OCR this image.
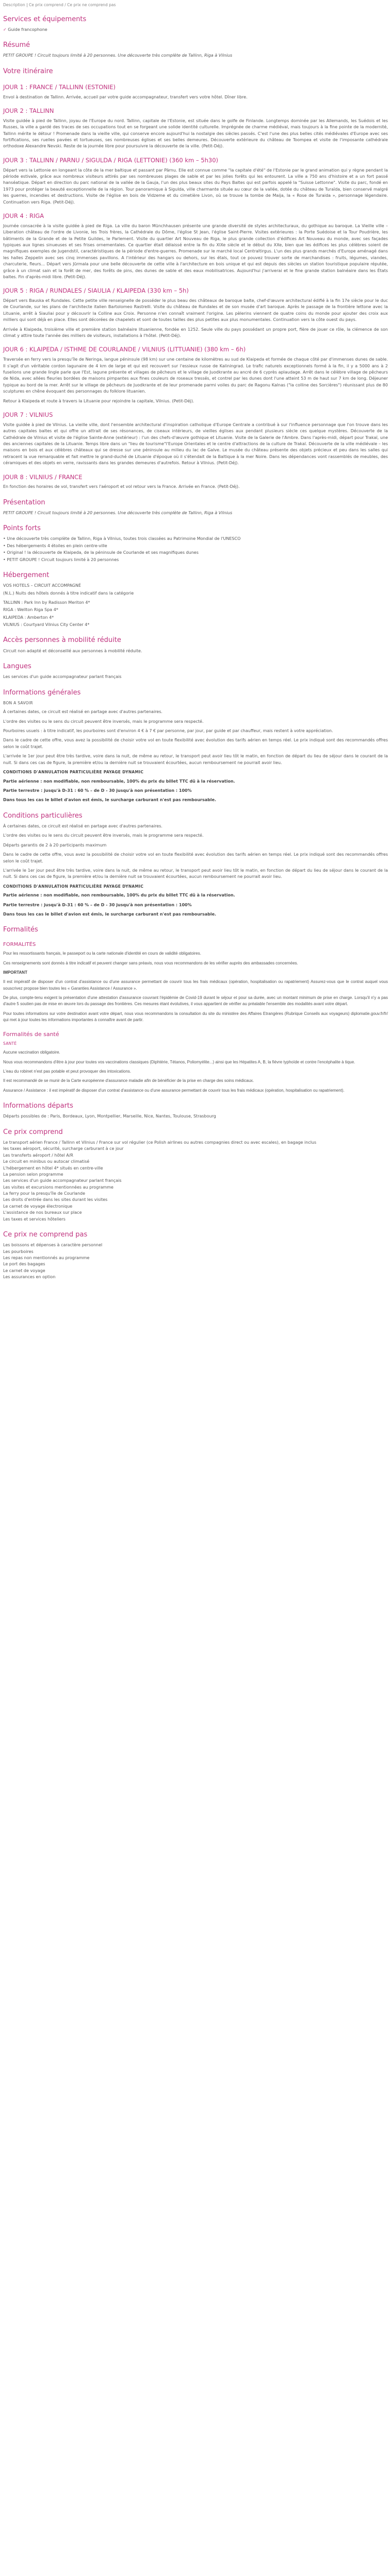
Description | Ce prix comprend / Ce prix ne comprend pas
Services et équipements
✓ Guide francophone
Résumé

PETIT GROUPE ! Circuit toujours limité à 20 personnes. Une découverte très complète de Tallinn, Riga à Vilnius

Votre itinéraire
JOUR 1 : FRANCE / TALLINN (ESTONIE)

Envol à destination de Tallinn. Arrivée, accueil par votre guide accompagnateur, transfert vers votre hôtel. Dîner libre.

JOUR 2 : TALLINN

Visite guidée à pied de Tallinn, joyau de l'Europe du nord. Tallinn, capitale de l'Estonie, est située dans le golfe de Finlande. Longtemps dominée par les Allemands, les Suédois et les Russes, la ville a gardé des traces de ses occupations tout en se forgeant une solide identité culturelle. Imprégnée de charme médiéval, mais toujours à la fine pointe de la modernité, Tallinn mérite le détour ! Promenade dans la vieille ville, qui conserve encore aujourd'hui la nostalgie des siècles passés. C'est l'une des plus belles cités médiévales d'Europe avec ses fortifications, ses ruelles pavées et tortueuses, ses nombreuses églises et ses belles demeures. Découverte extérieure du château de Toompea et visite de l'imposante cathédrale orthodoxe Alexandre Nevski. Reste de la journée libre pour poursuivre la découverte de la ville. (Petit-Déj).

JOUR 3 : TALLINN / PARNU / SIGULDA / RIGA (LETTONIE) (360 km – 5h30)

Départ vers la Lettonie en longeant la côte de la mer baltique et passant par Pärnu. Elle est connue comme "la capitale d'été" de l'Estonie par le grand animation qui y règne pendant la période estivale, grâce aux nombreux visiteurs attirés par ses nombreuses plages de sable et par les jolies forêts qui les entourent. La ville a 750 ans d'histoire et a un fort passé hanséatique. Départ en direction du parc national de la vallée de la Gauja, l'un des plus beaux sites du Pays Baltes qui est parfois appelé la "Suisse Lettonne". Visite du parc, fondé en 1973 pour protéger la beauté exceptionnelle de la région. Tour panoramique à Sigulda, ville charmante située au cœur de la vallée, dotée du château de Turaïda, bien conservé malgré les guerres, incendies et destructions. Visite de l'église en bois de Vidzeme et du cimetière Livon, où se trouve la tombe de Maija, la « Rose de Turaida », personnage légendaire. Continuation vers Riga. (Petit-Déj).

JOUR 4 : RIGA

Journée consacrée à la visite guidée à pied de Riga. La ville du baron Münchhausen présente une grande diversité de styles architecturaux, du gothique au baroque. La Vieille ville – Liberation château de l'ordre de Livonie, les Trois frères, la Cathédrale du Dôme, l'église St Jean, l'église Saint-Pierre. Visites extérieures : la Porte Suédoise et la Tour Poudrière, les bâtiments de la Grande et de la Petite Guildes, le Parlement. Visite du quartier Art Nouveau de Riga, le plus grande collection d'édifices Art Nouveau du monde, avec ses façades typiques aux lignes sinueuses et ses frises ornementales. Ce quartier était délaissé entre la fin du XIXe siècle et le début du XXe, bien que les édifices les plus célèbres soient de magnifiques exemples de Jugendstil, caractéristiques de la période d'entre-guerres. Promenade sur le marché local Centraltirgus. L'un des plus grands marchés d'Europe aménagé dans les halles Zeppelin avec ses cinq immenses pavillons. A l'intérieur des hangars ou dehors, sur les étals, tout ce pouvez trouver sorte de marchandises : fruits, légumes, viandes, charcuterie, fleurs... Départ vers Jūrmala pour une belle découverte de cette ville à l'architecture en bois unique et qui est depuis des siècles un station touristique populaire réputée, grâce à un climat sain et la forêt de mer, des forêts de pins, des dunes de sable et des eaux mobilisatrices. Aujourd'hui j'arriverai et le fine grande station balnéaire dans les États baltes. Fin d'après-midi libre. (Petit-Déj).

JOUR 5 : RIGA / RUNDALES / SIAULIA / KLAIPEDA (330 km – 5h)

Départ vers Bauska et Rundales. Cette petite ville renseignelle de posséder le plus beau des châteaux de baroque balte, chef-d'œuvre architectural édifié à la fin 17e siècle pour le duc de Courlande, sur les plans de l'architecte italien Bartolomeo Rastrelli. Visite du château de Rundales et de son musée d'art baroque. Après le passage de la frontière lettone avec la Lituanie, arrêt à Siauliai pour y découvrir la Colline aux Croix. Personne n'en connaît vraiment l'origine. Les pèlerins viennent de quatre coins du monde pour ajouter des croix aux milliers qui sont déjà en place. Elles sont décorées de chapelets et sont de toutes tailles des plus petites aux plus monumentales. Continuation vers la côte ouest du pays.

Arrivée à Klaipeda, troisième ville et première station balnéaire lituanienne, fondée en 1252. Seule ville du pays possédant un propre port, fière de jouer ce rôle, la clémence de son climat y attire toute l'année des milliers de visiteurs, installations à l'hôtel. (Petit-Déj).

JOUR 6 : KLAIPEDA / ISTHME DE COURLANDE / VILNIUS (LITTUANIE) (380 km – 6h)

Traversée en ferry vers la presqu'île de Neringa, langue péninsule (98 km) sur une centaine de kilomètres au sud de Klaipeda et formée de chaque côté par d'immenses dunes de sable. Il s'agit d'un véritable cordon lagunaire de 4 km de large et qui est recouvert sur l'essieux russe de Kaliningrad. Le trafic naturels exceptionnels formé à la fin, il y a 5000 ans à 2 fuselions une grande lingle parle que l'Est, lagune présente et villages de pêcheurs et le village de Juodkrante au ancré de 6 cyprès aplaudage. Arrêt dans le célèbre village de pêcheurs de Nida, avec allées fleuries bordées de maisons pimpantes aux fines couleurs de roseaux tressés, et contrel par les dunes dont l'une atteint 53 m de haut sur 7 km de long. Déjeuner typique au bord de la mer. Arrêt sur le village de pêcheurs de Juodkrante et de leur promenade parmi voiles du parc de Ragonu Kalnas ("la colline des Sorcières") réunissant plus de 80 sculptures en chêne évoquant des personnages du folklore lituanien.

Retour à Klaipeda et route à travers la Lituanie pour rejoindre la capitale, Vilnius. (Petit-Déj).

JOUR 7 : VILNIUS

Visite guidée à pied de Vilnius. La vieille ville, dont l'ensemble architectural d'inspiration catholique d'Europe Centrale a contribué à sur l'influence personnage que l'on trouve dans les autres capitales baltes et qui offre un attrait de ses résonances, de ciseaux intérieurs, de vieilles églises aux pendant plusieurs siècle ces quelque mystères. Découverte de la Cathédrale de Vilnius et visite de l'église Sainte-Anne (extérieur) : l'un des chefs-d'œuvre gothique et Lituanie. Visite de la Galerie de l'Ambre. Dans l'après-midi, départ pour Trakaï, une des anciennes capitales de la Lituanie. Temps libre dans un "lieu de tourisme"l'Europe Orientales et le centre d'attractions de la culture de Trakaï. Découverte de la ville médiévale – les maisons en bois et aux célèbres châteaux qui se dresse sur une péninsule au milieu du lac de Galve. Le musée du château présente des objets précieux et peu dans les salles qui retracent la vue remarquable et fait mettre le grand-duché de Lituanie d'époque où il s'étendait de la Baltique à la mer Noire. Dans les dépendances vont rassemblés de meubles, des céramiques et des objets en verre, ravissants dans les grandes demeures d'autrefois. Retour à Vilnius. (Petit-Déj).

JOUR 8 : VILNIUS / FRANCE

En fonction des horaires de vol, transfert vers l'aéroport et vol retour vers la France. Arrivée en France. (Petit-Déj).

Présentation

PETIT GROUPE ! Circuit toujours limité à 20 personnes. Une découverte très complète de Tallinn, Riga à Vilnius

Points forts
• Une découverte très complète de Tallinn, Riga à Vilnius, toutes trois classées au Patrimoine Mondial de l'UNESCO
• Des hébergements 4 étoiles en plein centre-ville
• Original ! la découverte de Klaipeda, de la péninsule de Courlande et ses magnifiques dunes
• PETIT GROUPE ! Circuit toujours limité à 20 personnes
Hébergement

VOS HOTELS – CIRCUIT ACCOMPAGNÉ

(N.L.) Nuits des hôtels donnés à titre indicatif dans la catégorie

TALLINN : Park Inn by Radisson Meriton 4*

RIGA : Wellton Riga Spa 4*

KLAIPEDA : Amberton 4*

VILNIUS : Courtyard Vilnius City Center 4*

Accès personnes à mobilité réduite

Circuit non adapté et déconseillé aux personnes à mobilité réduite.

Langues

Les services d'un guide accompagnateur parlant français

Informations générales

BON A SAVOIR

À certaines dates, ce circuit est réalisé en partage avec d'autres partenaires.

L'ordre des visites ou le sens du circuit peuvent être inversés, mais le programme sera respecté.

Pourboires usuels : à titre indicatif, les pourboires sont d'environ 4 € à 7 € par personne, par jour, par guide et par chauffeur, mais restent à votre appréciation.

Dans le cadre de cette offre, vous avez la possibilité de choisir votre vol en toute flexibilité avec évolution des tarifs aérien en temps réel. Le prix indiqué sont des recommandés offres selon le coût trajet.

L'arrivée le 1er jour peut être très tardive, voire dans la nuit, de même au retour, le transport peut avoir lieu tôt le matin, en fonction de départ du lieu de séjour dans le courant de la nuit. Si dans ces cas de figure, la première et/ou la dernière nuit se trouvaient écourtées, aucun remboursement ne pourrait avoir lieu.

CONDITIONS D'ANNULATION PARTICULIÈRE PAYAGE DYNAMIC

Partie aérienne : non modifiable, non remboursable, 100% du prix du billet TTC dû à la réservation.

Partie terrestre : jusqu'à D-31 : 60 % – de D - 30 jusqu'à non présentation : 100%

Dans tous les cas le billet d'avion est émis, le surcharge carburant n'est pas remboursable.

Conditions particulières

À certaines dates, ce circuit est réalisé en partage avec d'autres partenaires.

L'ordre des visites ou le sens du circuit peuvent être inversés, mais le programme sera respecté.

Départs garantis de 2 à 20 participants maximum

Dans le cadre de cette offre, vous avez la possibilité de choisir votre vol en toute flexibilité avec évolution des tarifs aérien en temps réel. Le prix indiqué sont des recommandés offres selon le coût trajet.

L'arrivée le 1er jour peut être très tardive, voire dans la nuit, de même au retour, le transport peut avoir lieu tôt le matin, en fonction de départ du lieu de séjour dans le courant de la nuit. Si dans ces cas de figure, la première et/ou la dernière nuit se trouvaient écourtées, aucun remboursement ne pourrait avoir lieu.

CONDITIONS D'ANNULATION PARTICULIÈRE PAYAGE DYNAMIC

Partie aérienne : non modifiable, non remboursable, 100% du prix du billet TTC dû à la réservation.

Partie terrestre : jusqu'à D-31 : 60 % – de D - 30 jusqu'à non présentation : 100%

Dans tous les cas le billet d'avion est émis, le surcharge carburant n'est pas remboursable.

Formalités

FORMALITÉS

Pour les ressortissants français, le passeport ou la carte nationale d'identité en cours de validité obligatoires.

Ces renseignements sont donnés à titre indicatif et peuvent changer sans préavis, nous vous recommandons de les vérifier auprès des ambassades concernées.

IMPORTANT

Il est impératif de disposer d'un contrat d'assistance ou d'une assurance permettant de couvrir tous les frais médicaux (opération, hospitalisation ou rapatriement) Assurez-vous que le contrat auquel vous souscrivez propose bien toutes les « Garanties Assistance / Assurance ».

De plus, compte-tenu exigent la présentation d'une attestation d'assurance couvrant l'épidémie de Covid-19 durant le séjour et pour sa durée, avec un montant minimum de prise en charge. Lorsqu'il n'y a pas d'autre 5 soutien pas de mise en œuvre lors du passage des frontières. Ces mesures étant évolutives, il vous appartient de vérifier au préalable l'ensemble des modalités avant votre départ.

Pour toutes informations sur votre destination avant votre départ, nous vous recommandons la consultation du site du ministère des Affaires Etrangères (Rubrique Conseils aux voyageurs) diplomatie.gouv.fr/fr/ qui met à jour toutes les informations importantes à connaître avant de partir.

Formalités de santé

SANTÉ

Aucune vaccination obligatoire.

Nous vous recommandons d'être à jour pour toutes vos vaccinations classiques (Diphtérie, Tétanos, Poliomyélite...) ainsi que les Hépatites A, B, la fièvre typhoïde et contre l'encéphalite à tique.

L'eau du robinet n'est pas potable et peut provoquer des intoxications.

Il est recommandé de se munir de la Carte européenne d'assurance maladie afin de bénéficier de la prise en charge des soins médicaux.

Assurance / Assistance : il est impératif de disposer d'un contrat d'assistance ou d'une assurance permettant de couvrir tous les frais médicaux (opération, hospitalisation ou rapatriement).

Informations départs

Départs possibles de : Paris, Bordeaux, Lyon, Montpellier, Marseille, Nice, Nantes, Toulouse, Strasbourg

Ce prix comprend
Le transport aérien France / Tallinn et Vilnius / France sur vol régulier (ce Polish airlines ou autres compagnies direct ou avec escales), en bagage inclus
les taxes aéroport, sécurité, surcharge carburant à ce jour
Les transferts aéroport / hôtel A/R
Le circuit en minibus ou autocar climatisé
L'hébergement en hôtel 4* situés en centre-ville
La pension selon programme
Les services d'un guide accompagnateur parlant français
Les visites et excursions mentionnées au programme
La ferry pour la presqu'île de Courlande
Les droits d'entrée dans les sites durant les visites
Le carnet de voyage électronique
L'assistance de nos bureaux sur place
Les taxes et services hôteliers
Ce prix ne comprend pas
Les boissons et dépenses à caractère personnel
Les pourboires
Les repas non mentionnés au programme
Le port des bagages
Le carnet de voyage
Les assurances en option
